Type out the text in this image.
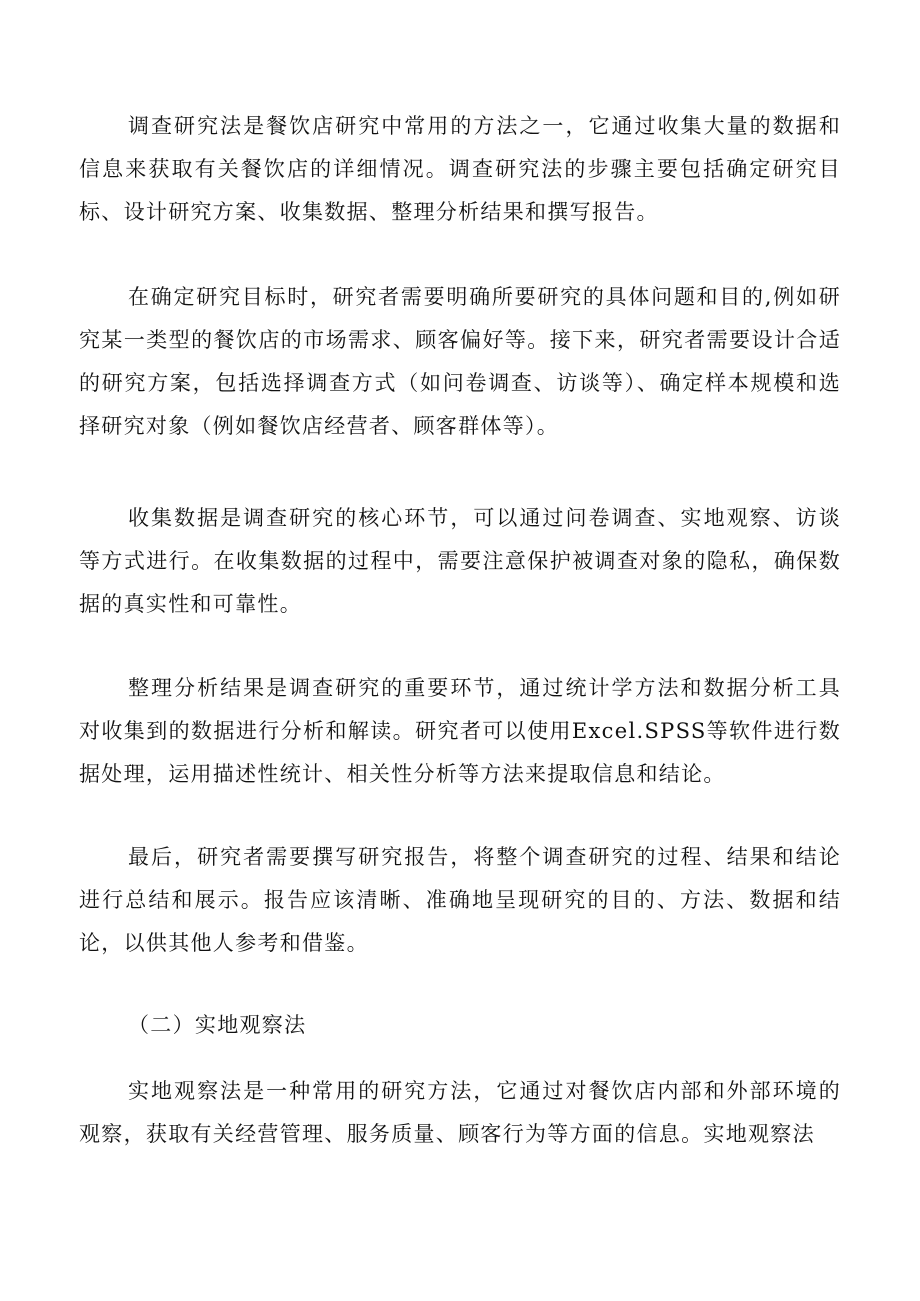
调查研究法是餐饮店研究中常用的方法之一，它通过收集大量的数据和信息来获取有关餐饮店的详细情况。调查研究法的步骤主要包括确定研究目标、设计研究方案、收集数据、整理分析结果和撰写报告。

在确定研究目标时，研究者需要明确所要研究的具体问题和目的,例如研究某一类型的餐饮店的市场需求、顾客偏好等。接下来，研究者需要设计合适的研究方案，包括选择调查方式（如问卷调查、访谈等）、确定样本规模和选择研究对象（例如餐饮店经营者、顾客群体等）。

收集数据是调查研究的核心环节，可以通过问卷调查、实地观察、访谈等方式进行。在收集数据的过程中，需要注意保护被调查对象的隐私，确保数据的真实性和可靠性。

整理分析结果是调查研究的重要环节，通过统计学方法和数据分析工具对收集到的数据进行分析和解读。研究者可以使用Excel.SPSS等软件进行数据处理，运用描述性统计、相关性分析等方法来提取信息和结论。

最后，研究者需要撰写研究报告，将整个调查研究的过程、结果和结论进行总结和展示。报告应该清晰、准确地呈现研究的目的、方法、数据和结论，以供其他人参考和借鉴。

（二）实地观察法

实地观察法是一种常用的研究方法，它通过对餐饮店内部和外部环境的观察，获取有关经营管理、服务质量、顾客行为等方面的信息。实地观察法
